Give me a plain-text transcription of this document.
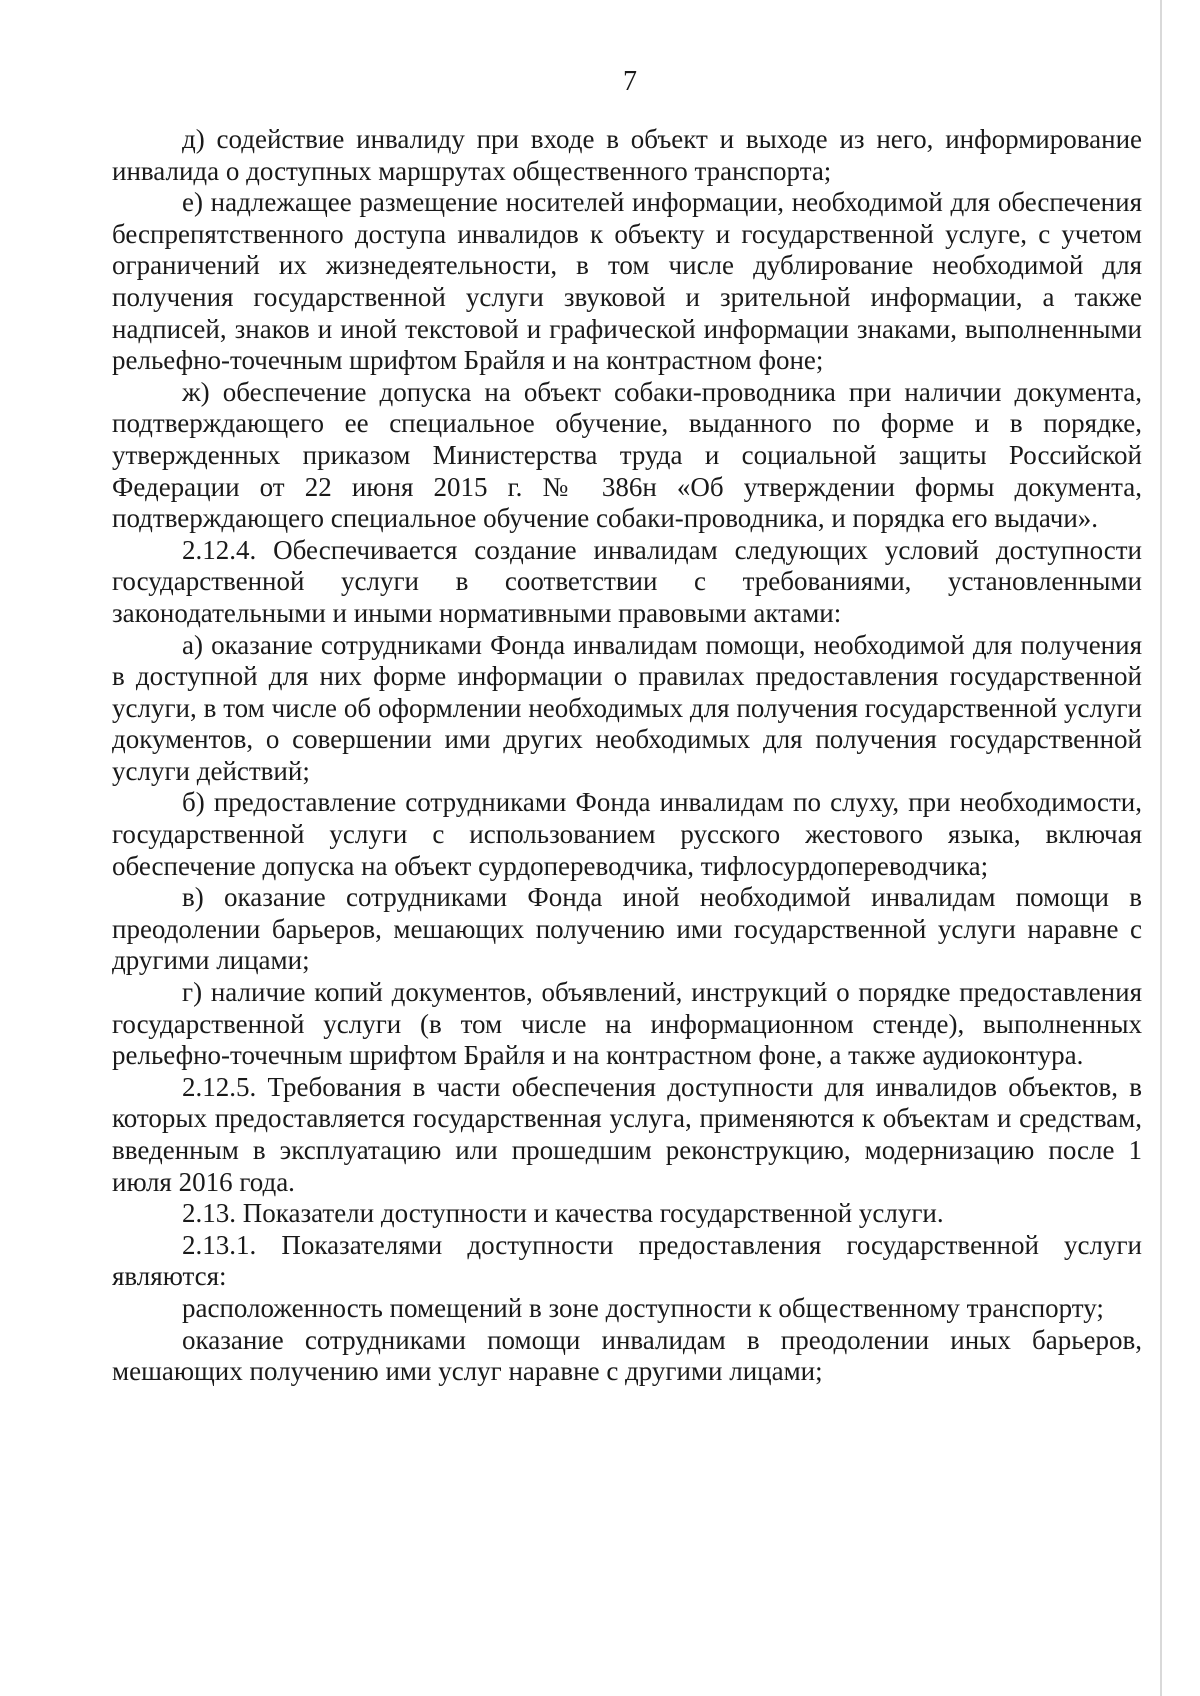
7

д) содействие инвалиду при входе в объект и выходе из него, информирование инвалида о доступных маршрутах общественного транспорта;

е) надлежащее размещение носителей информации, необходимой для обеспечения беспрепятственного доступа инвалидов к объекту и государственной услуге, с учетом ограничений их жизнедеятельности, в том числе дублирование необходимой для получения государственной услуги звуковой и зрительной информации, а также надписей, знаков и иной текстовой и графической информации знаками, выполненными рельефно-точечным шрифтом Брайля и на контрастном фоне;

ж) обеспечение допуска на объект собаки-проводника при наличии документа, подтверждающего ее специальное обучение, выданного по форме и в порядке, утвержденных приказом Министерства труда и социальной защиты Российской Федерации от 22 июня 2015 г. № 386н «Об утверждении формы документа, подтверждающего специальное обучение собаки-проводника, и порядка его выдачи».

2.12.4. Обеспечивается создание инвалидам следующих условий доступности государственной услуги в соответствии с требованиями, установленными законодательными и иными нормативными правовыми актами:

а) оказание сотрудниками Фонда инвалидам помощи, необходимой для получения в доступной для них форме информации о правилах предоставления государственной услуги, в том числе об оформлении необходимых для получения государственной услуги документов, о совершении ими других необходимых для получения государственной услуги действий;

б) предоставление сотрудниками Фонда инвалидам по слуху, при необходимости, государственной услуги с использованием русского жестового языка, включая обеспечение допуска на объект сурдопереводчика, тифлосурдопереводчика;

в) оказание сотрудниками Фонда иной необходимой инвалидам помощи в преодолении барьеров, мешающих получению ими государственной услуги наравне с другими лицами;

г) наличие копий документов, объявлений, инструкций о порядке предоставления государственной услуги (в том числе на информационном стенде), выполненных рельефно-точечным шрифтом Брайля и на контрастном фоне, а также аудиоконтура.

2.12.5. Требования в части обеспечения доступности для инвалидов объектов, в которых предоставляется государственная услуга, применяются к объектам и средствам, введенным в эксплуатацию или прошедшим реконструкцию, модернизацию после 1 июля 2016 года.

2.13. Показатели доступности и качества государственной услуги.

2.13.1. Показателями доступности предоставления государственной услуги являются:

расположенность помещений в зоне доступности к общественному транспорту;

оказание сотрудниками помощи инвалидам в преодолении иных барьеров, мешающих получению ими услуг наравне с другими лицами;
